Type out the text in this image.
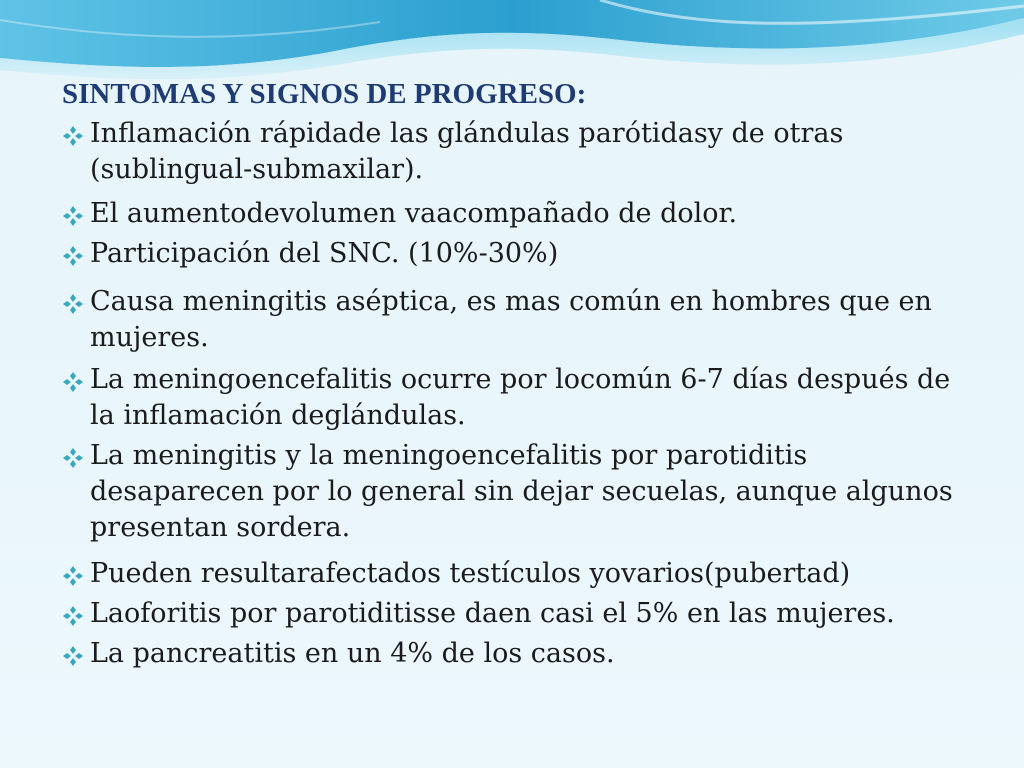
SINTOMAS Y SIGNOS DE PROGRESO:
Inflamación rápidade las glándulas parótidasy de otras (sublingual-submaxilar).
El aumentodevolumen vaacompañado de dolor.
Participación del SNC. (10%-30%)
Causa meningitis aséptica, es mas común en hombres que en mujeres.
La meningoencefalitis ocurre por locomún 6-7 días después de la inflamación deglándulas.
La meningitis y la meningoencefalitis por parotiditis desaparecen por lo general sin dejar secuelas, aunque algunos presentan sordera.
Pueden resultarafectados testículos yovarios(pubertad)
Laoforitis por parotiditisse daen casi el 5% en las mujeres.
La pancreatitis en un 4% de los casos.
